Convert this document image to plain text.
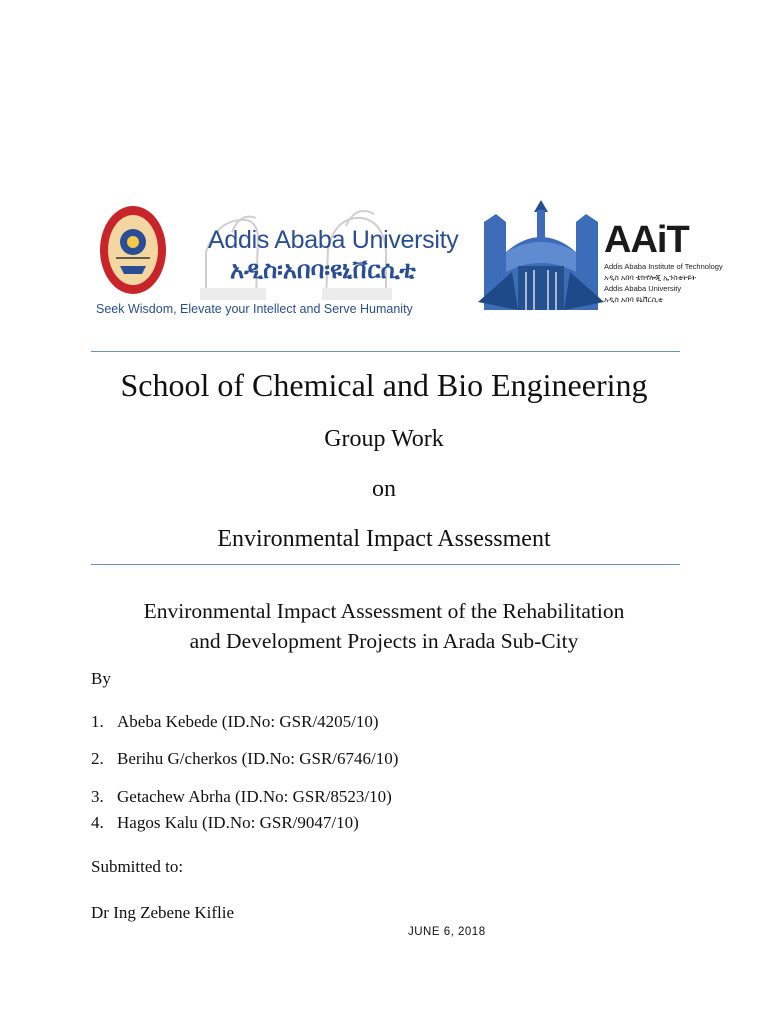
Addis Ababa University
አዲስ፡አበባ፡ዩኒቨርሲቲ
Seek Wisdom, Elevate your Intellect and Serve Humanity
AAiT
Addis Ababa Institute of Technology
አዲስ አበባ ቴክኖሎጂ ኢንስቲትዩት
Addis Ababa University
አዲስ አበባ ዩኒቨርሲቲ
School of Chemical and Bio Engineering
Group Work
on
Environmental Impact Assessment
Environmental Impact Assessment of the Rehabilitation
and Development Projects in Arada Sub-City
By
1. Abeba Kebede (ID.No: GSR/4205/10)
2. Berihu G/cherkos (ID.No: GSR/6746/10)
3. Getachew Abrha (ID.No: GSR/8523/10)
4. Hagos Kalu (ID.No: GSR/9047/10)
Submitted to:
Dr Ing Zebene Kiflie
JUNE 6, 2018
